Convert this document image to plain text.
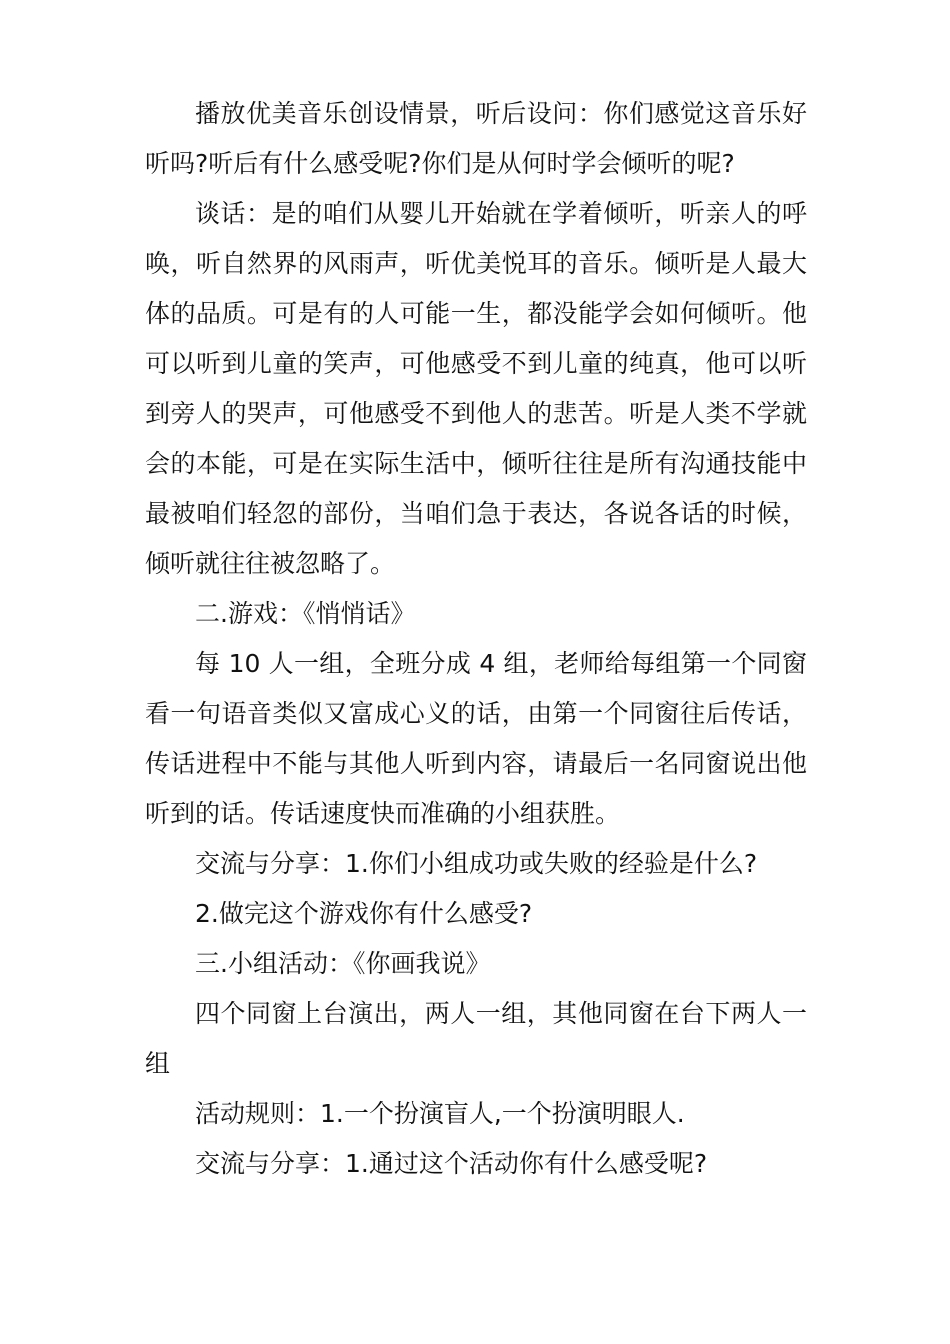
播放优美音乐创设情景，听后设问：你们感觉这音乐好听吗?听后有什么感受呢?你们是从何时学会倾听的呢?

谈话：是的咱们从婴儿开始就在学着倾听，听亲人的呼唤，听自然界的风雨声，听优美悦耳的音乐。倾听是人最大体的品质。可是有的人可能一生，都没能学会如何倾听。他可以听到儿童的笑声，可他感受不到儿童的纯真，他可以听到旁人的哭声，可他感受不到他人的悲苦。听是人类不学就会的本能，可是在实际生活中，倾听往往是所有沟通技能中最被咱们轻忽的部份，当咱们急于表达，各说各话的时候，倾听就往往被忽略了。

二.游戏：《悄悄话》

每 10 人一组，全班分成 4 组，老师给每组第一个同窗看一句语音类似又富成心义的话，由第一个同窗往后传话，传话进程中不能与其他人听到内容，请最后一名同窗说出他听到的话。传话速度快而准确的小组获胜。

交流与分享：1.你们小组成功或失败的经验是什么?

2.做完这个游戏你有什么感受?

三.小组活动：《你画我说》

四个同窗上台演出，两人一组，其他同窗在台下两人一组

活动规则：1.一个扮演盲人,一个扮演明眼人.

交流与分享：1.通过这个活动你有什么感受呢?
